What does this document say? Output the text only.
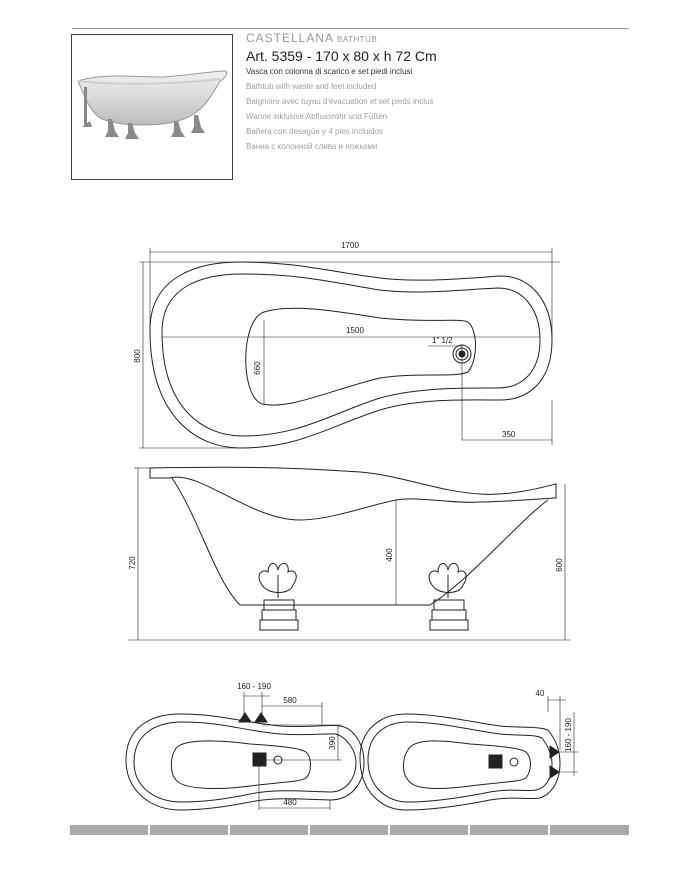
CASTELLANA BATHTUB
Art. 5359 - 170 x 80 x h 72 Cm
Vasca con colonna di scarico e set piedi inclusi
Bathtub with waste and feet included
Baignoire avec tuyau d'évacuation et set pieds inclus
Wanne inklusive Abflussrohr und Füßen
Bañera con desagüe y 4 pies incluidos
Ванна с колонной слива и ножками
1700
1500
1" 1/2
350
800
660
720
400
600
160 - 190
580
390
480
40
160 - 190
